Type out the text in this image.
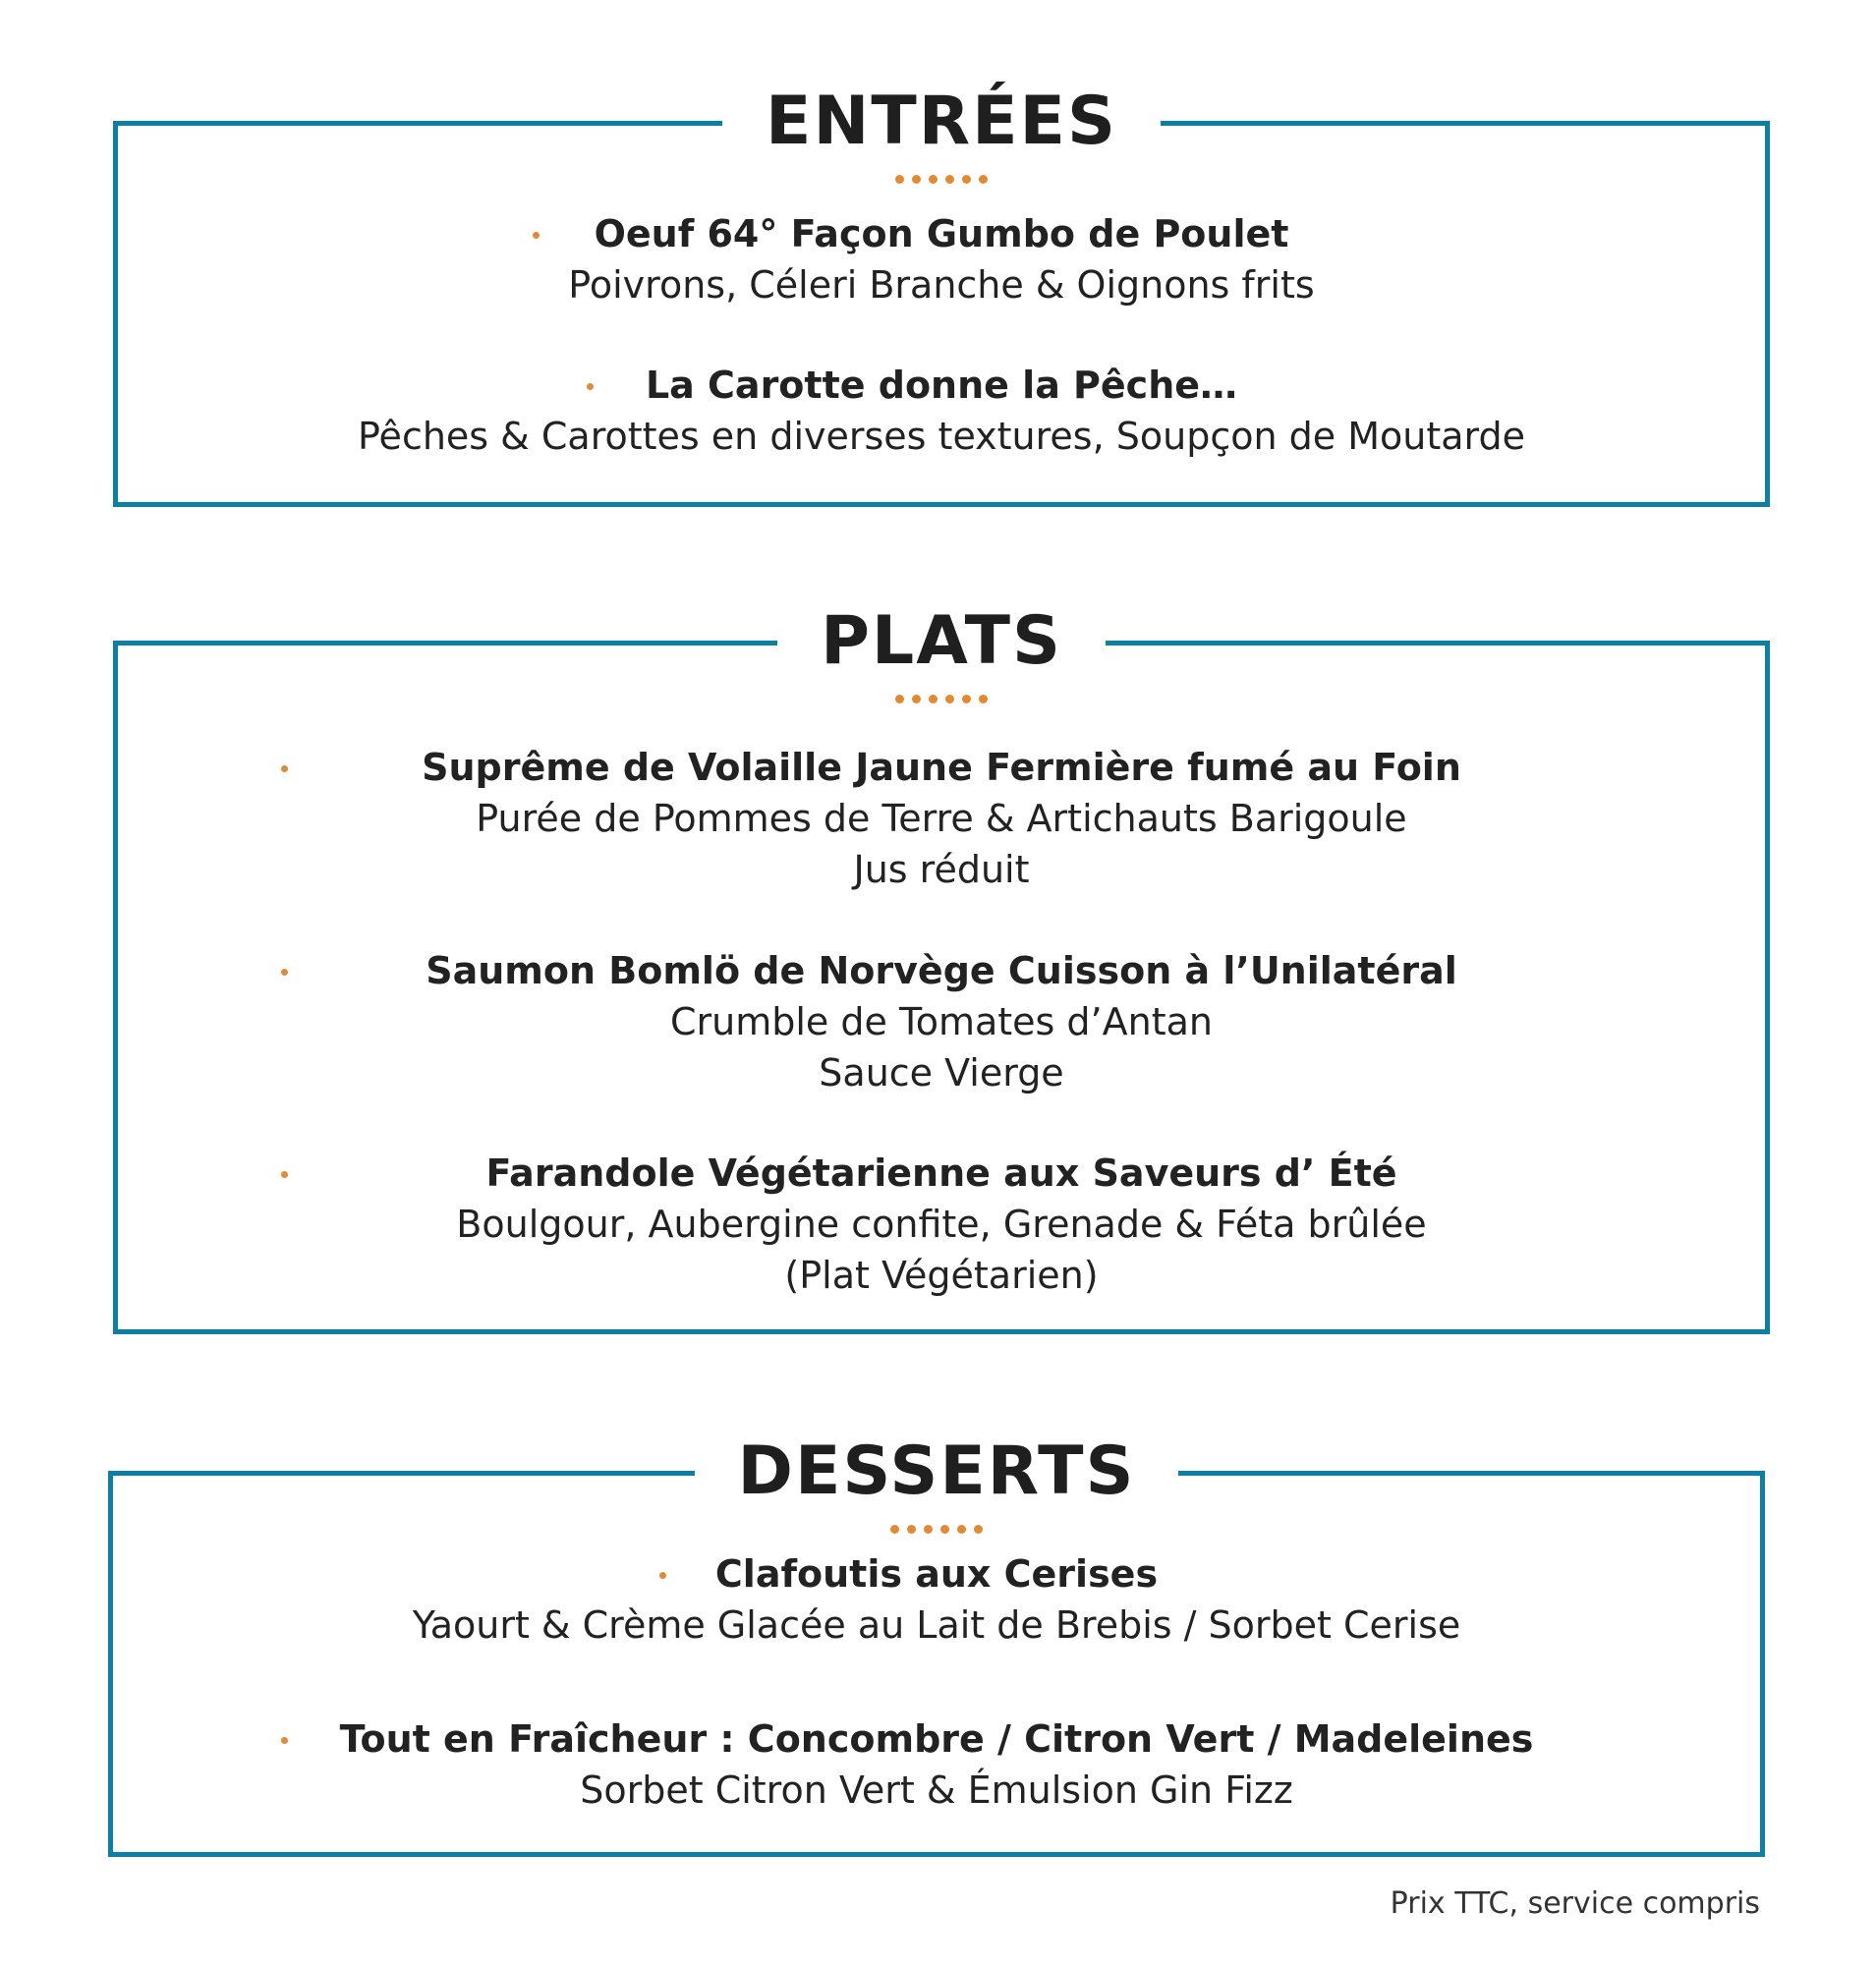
ENTRÉES
Oeuf 64° Façon Gumbo de Poulet
Poivrons, Céleri Branche & Oignons frits
La Carotte donne la Pêche…
Pêches & Carottes en diverses textures, Soupçon de Moutarde
PLATS
Suprême de Volaille Jaune Fermière fumé au Foin
Purée de Pommes de Terre & Artichauts Barigoule
Jus réduit
Saumon Bomlö de Norvège Cuisson à l’Unilatéral
Crumble de Tomates d’Antan
Sauce Vierge
Farandole Végétarienne aux Saveurs d’ Été
Boulgour, Aubergine confite, Grenade & Féta brûlée
(Plat Végétarien)
DESSERTS
Clafoutis aux Cerises
Yaourt & Crème Glacée au Lait de Brebis / Sorbet Cerise
Tout en Fraîcheur : Concombre / Citron Vert / Madeleines
Sorbet Citron Vert & Émulsion Gin Fizz
Prix TTC, service compris
